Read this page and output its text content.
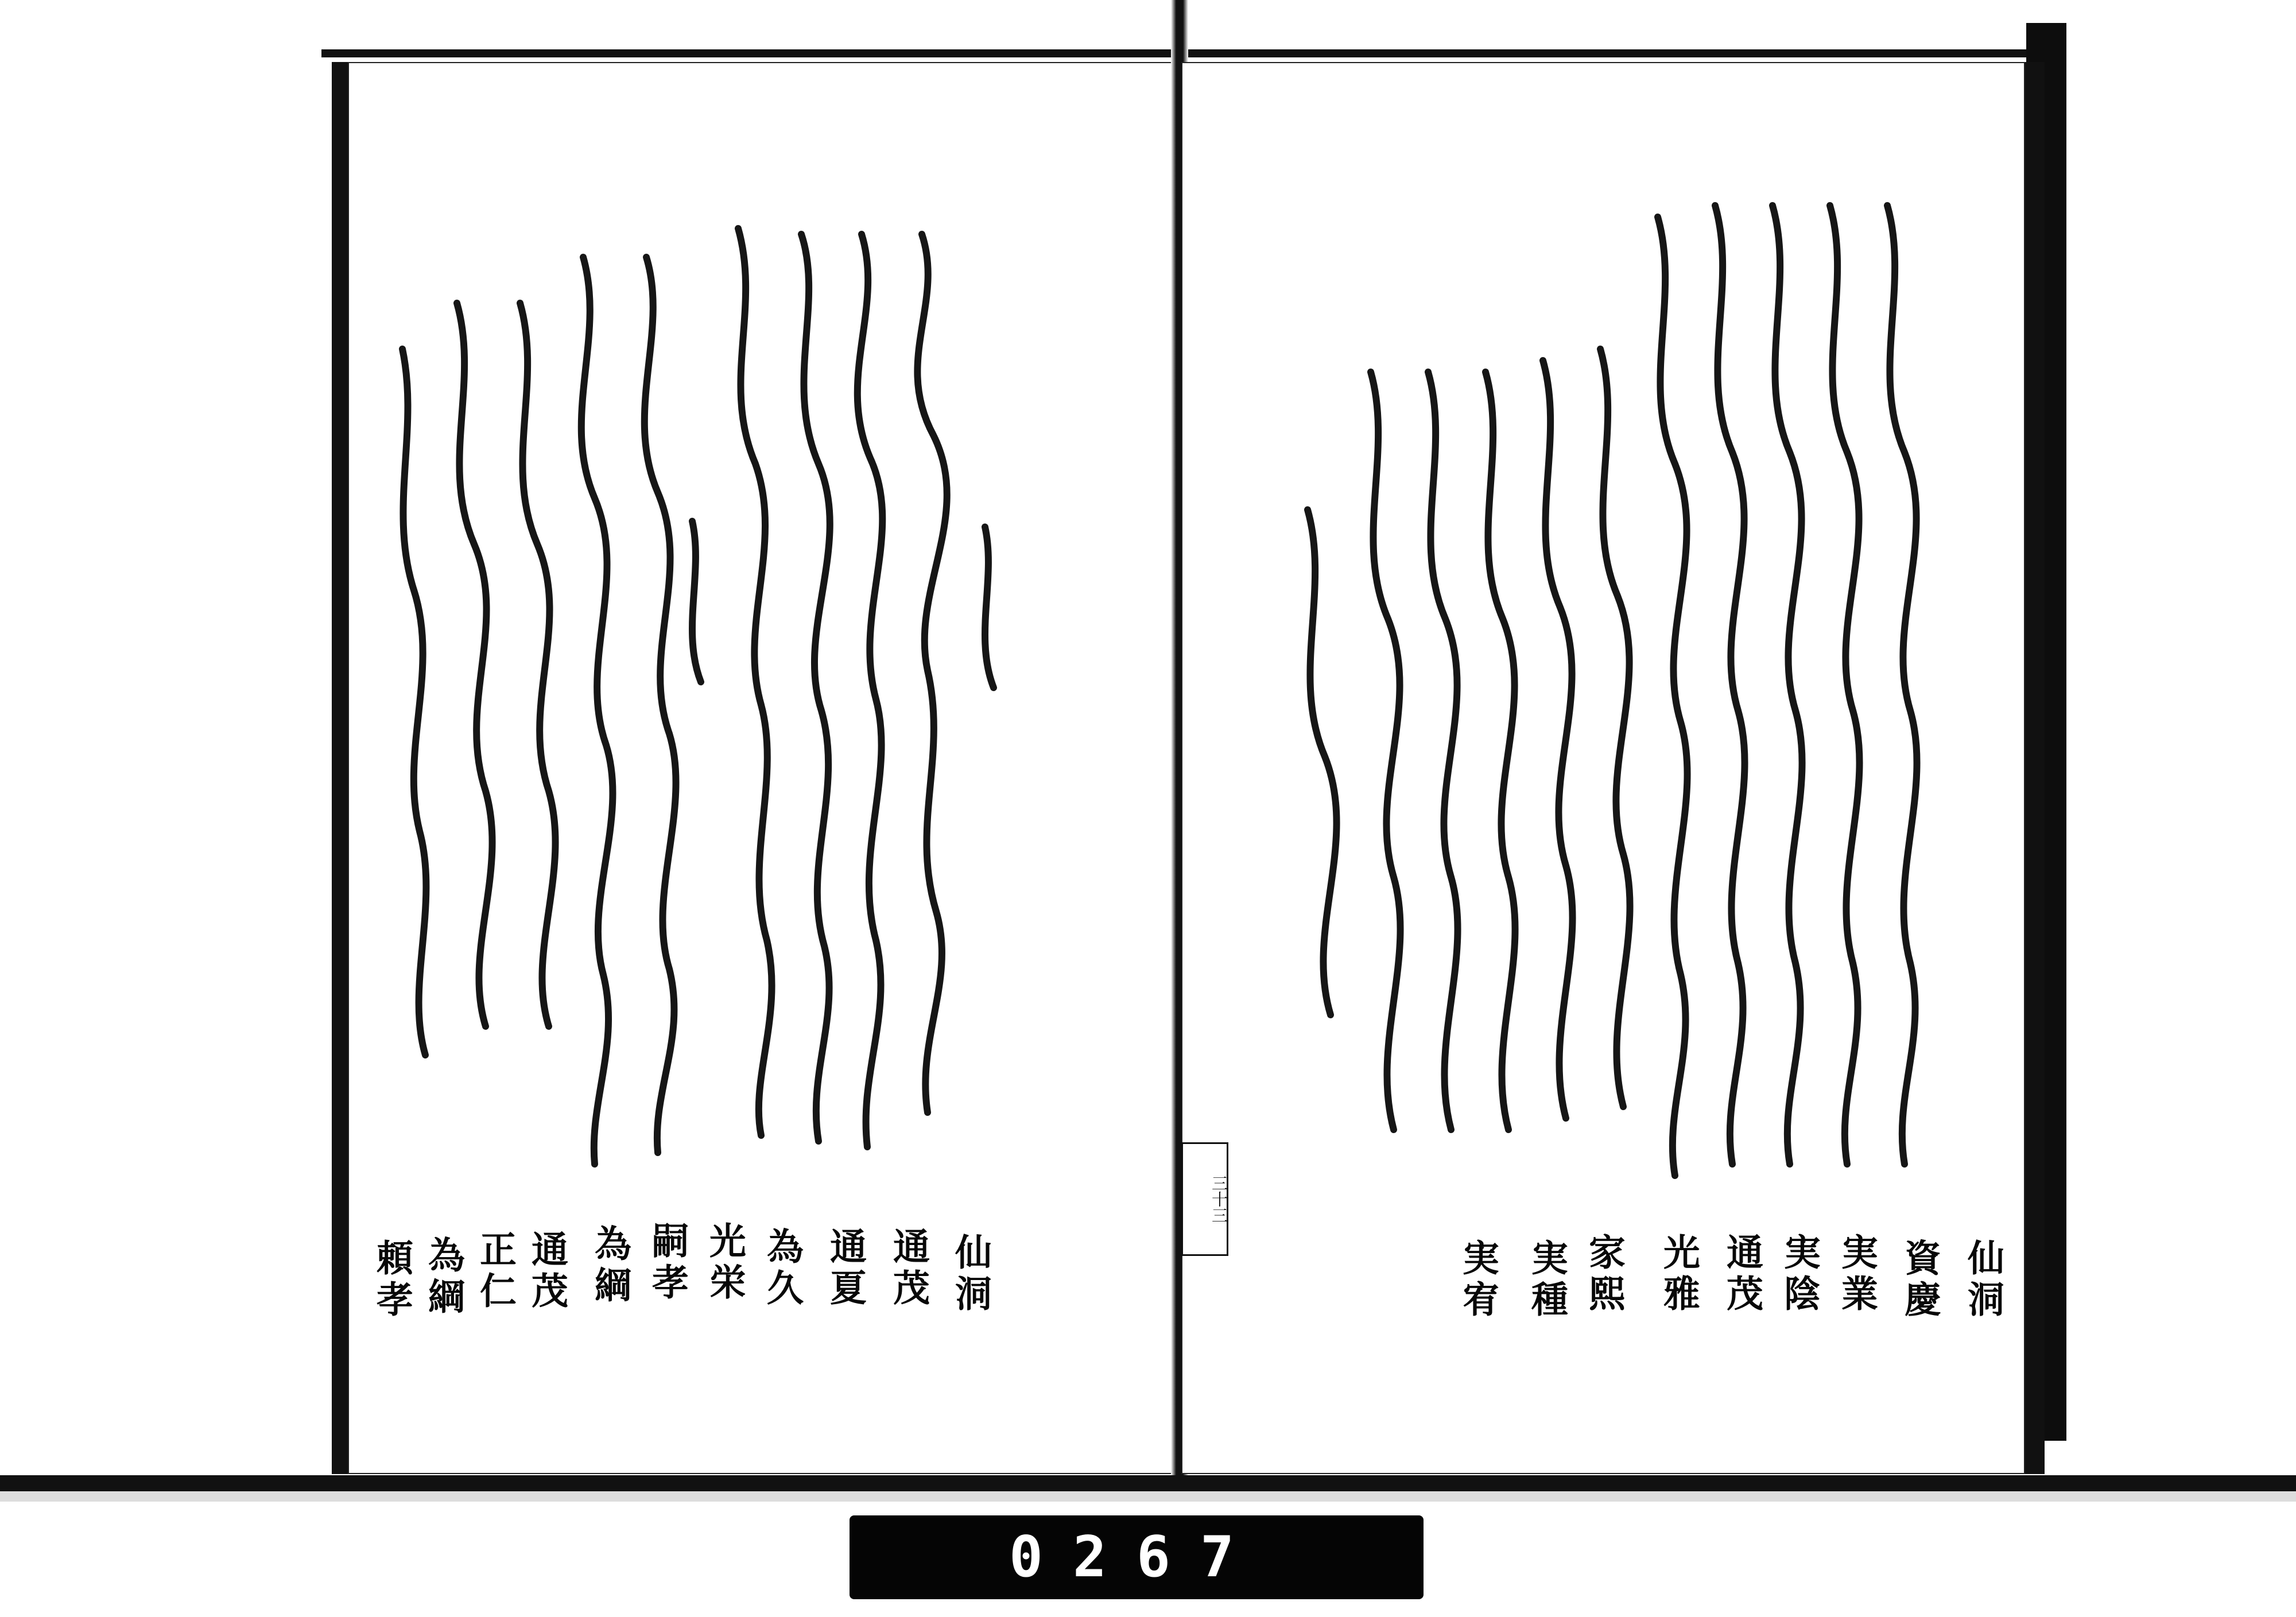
仙洞
通茂
通夏
為久
光栄
嗣孝
為綱
通茂
正仁
為綱
頼孝	仙洞
資慶
実業
実陰
通茂
光雅
家熙
実種
実宥
三十三
0267
